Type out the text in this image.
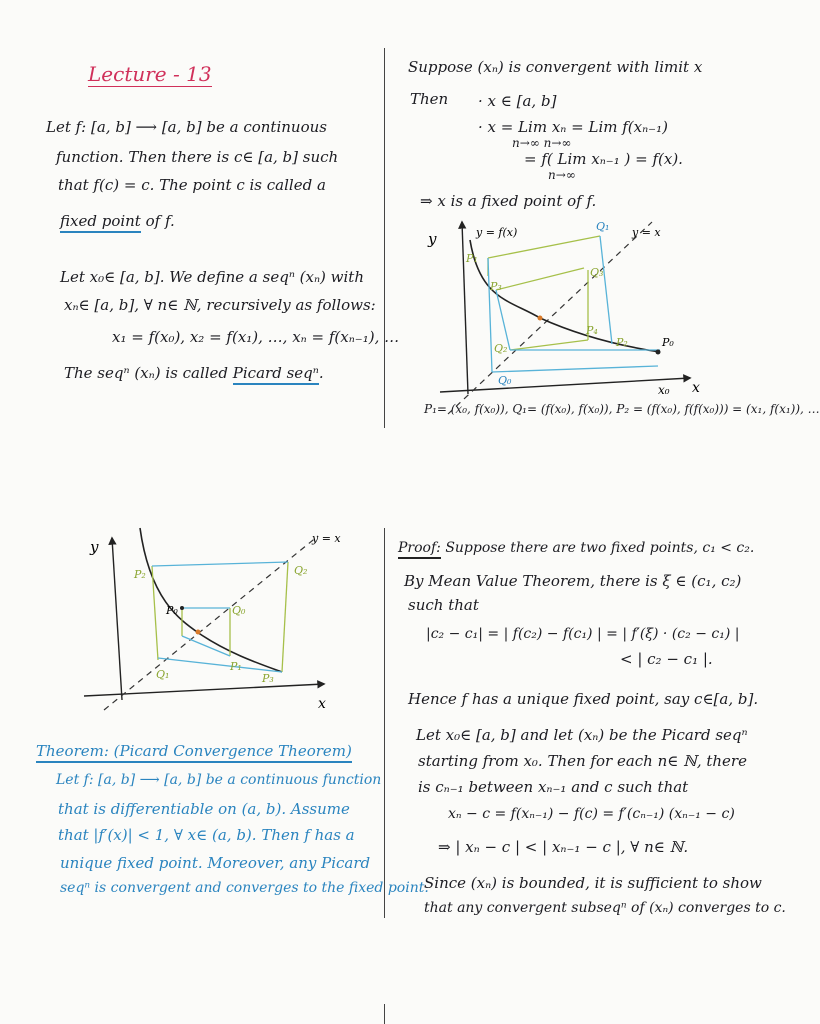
Lecture - 13
Let f: [a, b] ⟶ [a, b] be a continuous
function. Then there is c∈ [a, b] such
that f(c) = c. The point c is called a
fixed point of f.
Let x₀∈ [a, b]. We define a seqⁿ (xₙ) with
xₙ∈ [a, b], ∀ n∈ ℕ, recursively as follows:
x₁ = f(x₀), x₂ = f(x₁), …, xₙ = f(xₙ₋₁), …
The seqⁿ (xₙ) is called Picard seqⁿ.
Suppose (xₙ) is convergent with limit x
Then · x ∈ [a, b]
· x = Lim xₙ = Lim f(xₙ₋₁)
n→∞ n→∞
= f( Lim xₙ₋₁ ) = f(x).
n→∞
⇒ x is a fixed point of f.
y	y = f(x)	y = x
x
x₀
P₁
Q₁
P₂
Q₂
P₃
Q₃
P₄
Q₀
P₀
y	y = x
x
P₂	Q₂
P₀	Q₀
Q₁
P₁
P₃
P₁= (x₀, f(x₀)), Q₁= (f(x₀), f(x₀)), P₂ = (f(x₀), f(f(x₀))) = (x₁, f(x₁)), …
Theorem: (Picard Convergence Theorem)
Let f: [a, b] ⟶ [a, b] be a continuous function
that is differentiable on (a, b). Assume
that |f′(x)| < 1, ∀ x∈ (a, b). Then f has a
unique fixed point. Moreover, any Picard
seqⁿ is convergent and converges to the fixed point.
Proof: Suppose there are two fixed points, c₁ < c₂.
By Mean Value Theorem, there is ξ ∈ (c₁, c₂)
such that
|c₂ − c₁| = | f(c₂) − f(c₁) | = | f′(ξ) · (c₂ − c₁) |
< | c₂ − c₁ |.
Hence f has a unique fixed point, say c∈[a, b].
Let x₀∈ [a, b] and let (xₙ) be the Picard seqⁿ
starting from x₀. Then for each n∈ ℕ, there
is cₙ₋₁ between xₙ₋₁ and c such that
xₙ − c = f(xₙ₋₁) − f(c) = f′(cₙ₋₁) (xₙ₋₁ − c)
⇒ | xₙ − c | < | xₙ₋₁ − c |, ∀ n∈ ℕ.
Since (xₙ) is bounded, it is sufficient to show
that any convergent subseqⁿ of (xₙ) converges to c.
